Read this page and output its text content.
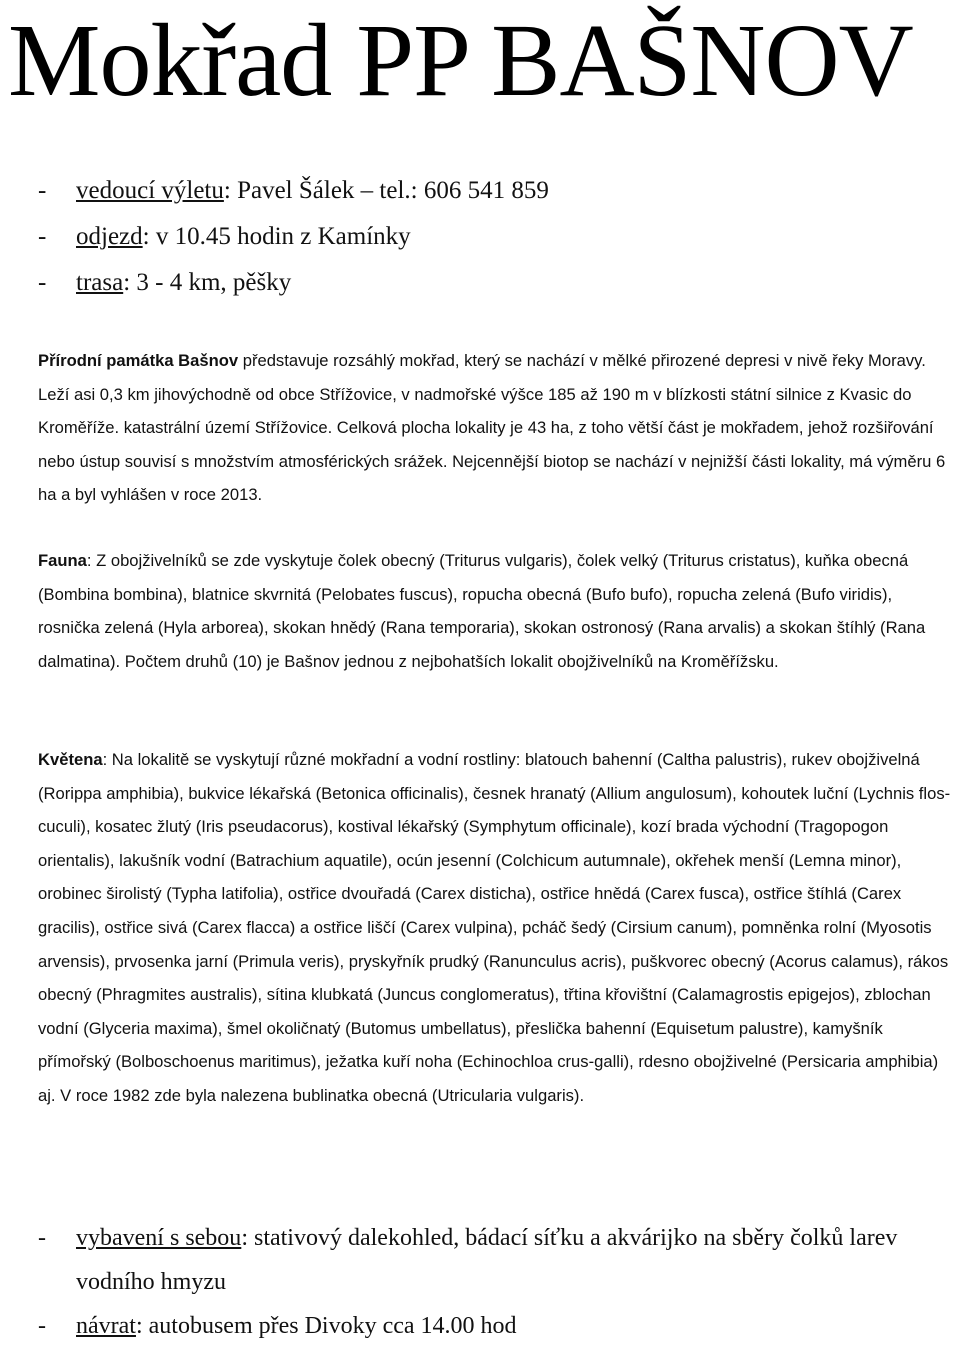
Mokřad PP BAŠNOV
- vedoucí výletu: Pavel Šálek – tel.: 606 541 859
- odjezd: v 10.45 hodin z Kamínky
- trasa: 3 - 4 km, pěšky

Přírodní památka Bašnov představuje rozsáhlý mokřad, který se nachází v mělké přirozené depresi v nivě řeky Moravy. Leží asi 0,3 km jihovýchodně od obce Střížovice, v nadmořské výšce 185 až 190 m v blízkosti státní silnice z Kvasic do Kroměříže. katastrální území Střížovice. Celková plocha lokality je 43 ha, z toho větší část je mokřadem, jehož rozšiřování nebo ústup souvisí s množstvím atmosférických srážek. Nejcennější biotop se nachází v nejnižší části lokality, má výměru 6 ha a byl vyhlášen v roce 2013.

Fauna: Z obojživelníků se zde vyskytuje čolek obecný (Triturus vulgaris), čolek velký (Triturus cristatus), kuňka obecná (Bombina bombina), blatnice skvrnitá (Pelobates fuscus), ropucha obecná (Bufo bufo), ropucha zelená (Bufo viridis), rosnička zelená (Hyla arborea), skokan hnědý (Rana temporaria), skokan ostronosý (Rana arvalis) a skokan štíhlý (Rana dalmatina). Počtem druhů (10) je Bašnov jednou z nejbohatších lokalit obojživelníků na Kroměřížsku.

Květena: Na lokalitě se vyskytují různé mokřadní a vodní rostliny: blatouch bahenní (Caltha palustris), rukev obojživelná (Rorippa amphibia), bukvice lékařská (Betonica officinalis), česnek hranatý (Allium angulosum), kohoutek luční (Lychnis flos-cuculi), kosatec žlutý (Iris pseudacorus), kostival lékařský (Symphytum officinale), kozí brada východní (Tragopogon orientalis), lakušník vodní (Batrachium aquatile), ocún jesenní (Colchicum autumnale), okřehek menší (Lemna minor), orobinec širolistý (Typha latifolia), ostřice dvouřadá (Carex disticha), ostřice hnědá (Carex fusca), ostřice štíhlá (Carex gracilis), ostřice sivá (Carex flacca) a ostřice liščí (Carex vulpina), pcháč šedý (Cirsium canum), pomněnka rolní (Myosotis arvensis), prvosenka jarní (Primula veris), pryskyřník prudký (Ranunculus acris), puškvorec obecný (Acorus calamus), rákos obecný (Phragmites australis), sítina klubkatá (Juncus conglomeratus), třtina křovištní (Calamagrostis epigejos), zblochan vodní (Glyceria maxima), šmel okoličnatý (Butomus umbellatus), přeslička bahenní (Equisetum palustre), kamyšník přímořský (Bolboschoenus maritimus), ježatka kuří noha (Echinochloa crus-galli), rdesno obojživelné (Persicaria amphibia) aj. V roce 1982 zde byla nalezena bublinatka obecná (Utricularia vulgaris).

- vybavení s sebou: stativový dalekohled, bádací síťku a akvárijko na sběry čolků larev vodního hmyzu
- návrat: autobusem přes Divoky cca 14.00 hod
